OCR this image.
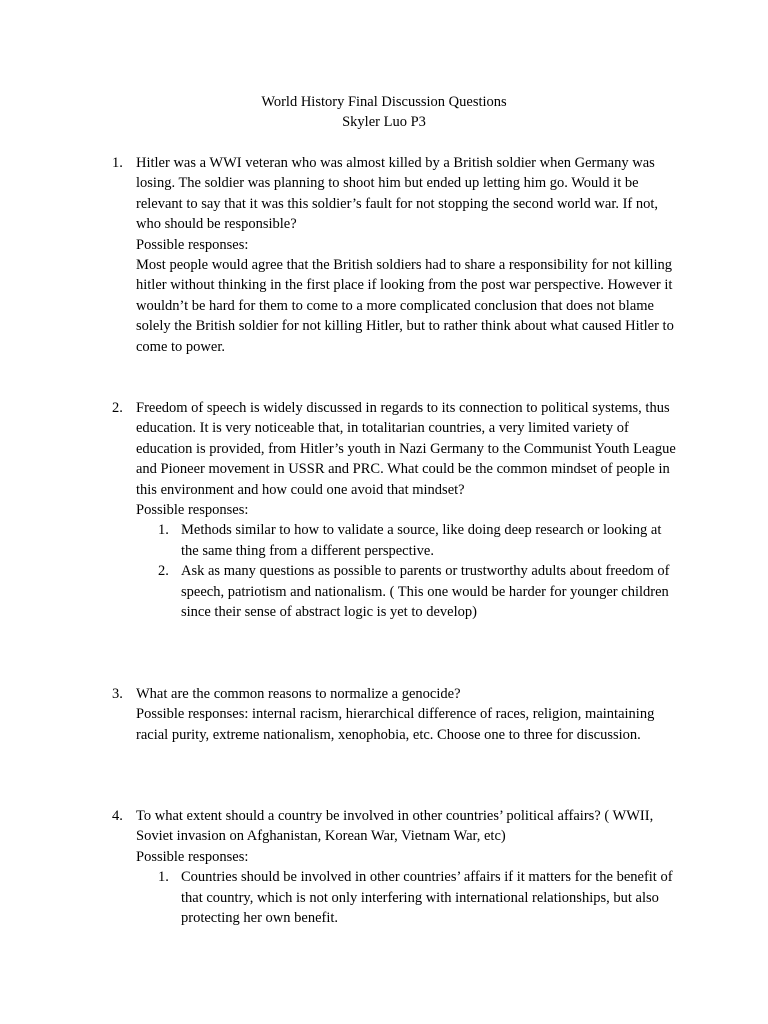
World History Final Discussion Questions
Skyler Luo P3
1. Hitler was a WWI veteran who was almost killed by a British soldier when Germany was losing. The soldier was planning to shoot him but ended up letting him go. Would it be relevant to say that it was this soldier’s fault for not stopping the second world war. If not, who should be responsible?

Possible responses:

Most people would agree that the British soldiers had to share a responsibility for not killing hitler without thinking in the first place if looking from the post war perspective. However it wouldn’t be hard for them to come to a more complicated conclusion that does not blame solely the British soldier for not killing Hitler, but to rather think about what caused Hitler to come to power.

2. Freedom of speech is widely discussed in regards to its connection to political systems, thus education. It is very noticeable that, in totalitarian countries, a very limited variety of education is provided, from Hitler’s youth in Nazi Germany to the Communist Youth League and Pioneer movement in USSR and PRC. What could be the common mindset of people in this environment and how could one avoid that mindset?

Possible responses:

1. Methods similar to how to validate a source, like doing deep research or looking at the same thing from a different perspective.
2. Ask as many questions as possible to parents or trustworthy adults about freedom of speech, patriotism and nationalism. ( This one would be harder for younger children since their sense of abstract logic is yet to develop)
3. What are the common reasons to normalize a genocide?

Possible responses: internal racism, hierarchical difference of races, religion, maintaining racial purity, extreme nationalism, xenophobia, etc. Choose one to three for discussion.

4. To what extent should a country be involved in other countries’ political affairs? ( WWII, Soviet invasion on Afghanistan, Korean War, Vietnam War, etc)

Possible responses:

1. Countries should be involved in other countries’ affairs if it matters for the benefit of that country, which is not only interfering with international relationships, but also protecting her own benefit.
